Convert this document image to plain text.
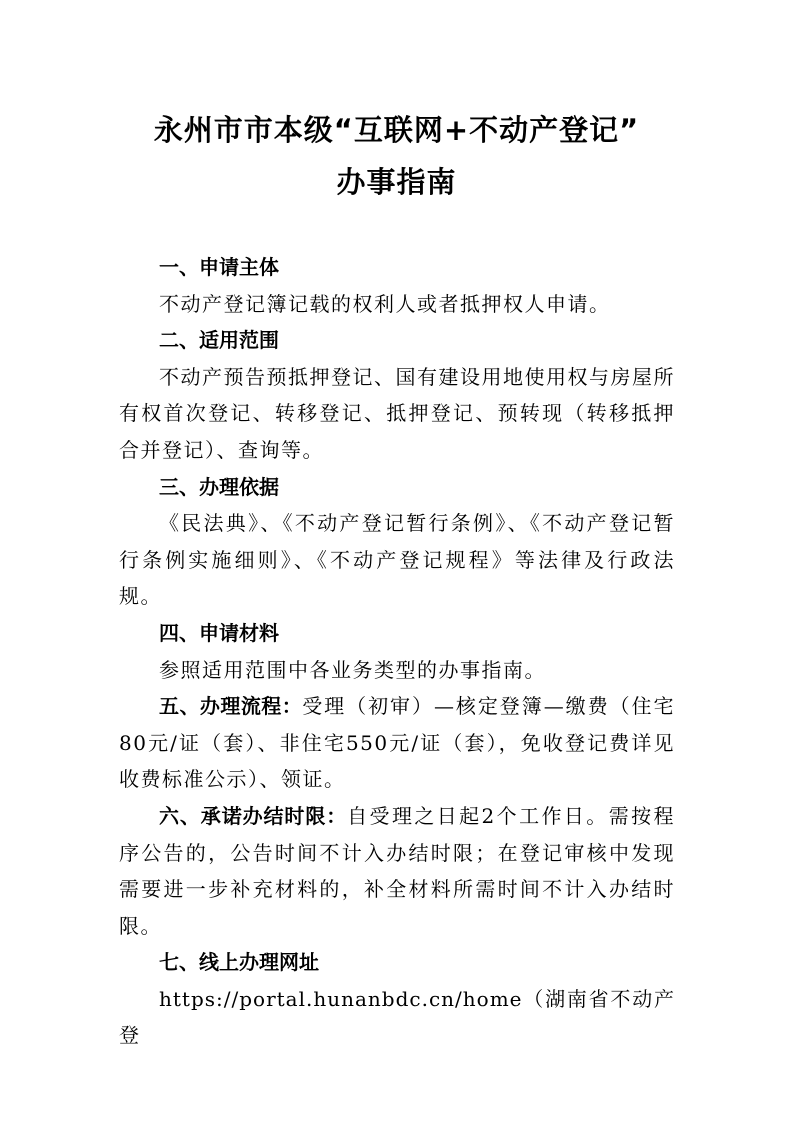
永州市市本级“互联网+不动产登记”
办事指南

一、申请主体

不动产登记簿记载的权利人或者抵押权人申请。

二、适用范围

不动产预告预抵押登记、国有建设用地使用权与房屋所有权首次登记、转移登记、抵押登记、预转现（转移抵押合并登记）、查询等。

三、办理依据

《民法典》、《不动产登记暂行条例》、《不动产登记暂行条例实施细则》、《不动产登记规程》等法律及行政法规。

四、申请材料

参照适用范围中各业务类型的办事指南。

五、办理流程：受理（初审）—核定登簿—缴费（住宅80元/证（套）、非住宅550元/证（套），免收登记费详见收费标准公示）、领证。

六、承诺办结时限：自受理之日起2个工作日。需按程序公告的，公告时间不计入办结时限；在登记审核中发现需要进一步补充材料的，补全材料所需时间不计入办结时限。

七、线上办理网址

https://portal.hunanbdc.cn/home（湖南省不动产登
